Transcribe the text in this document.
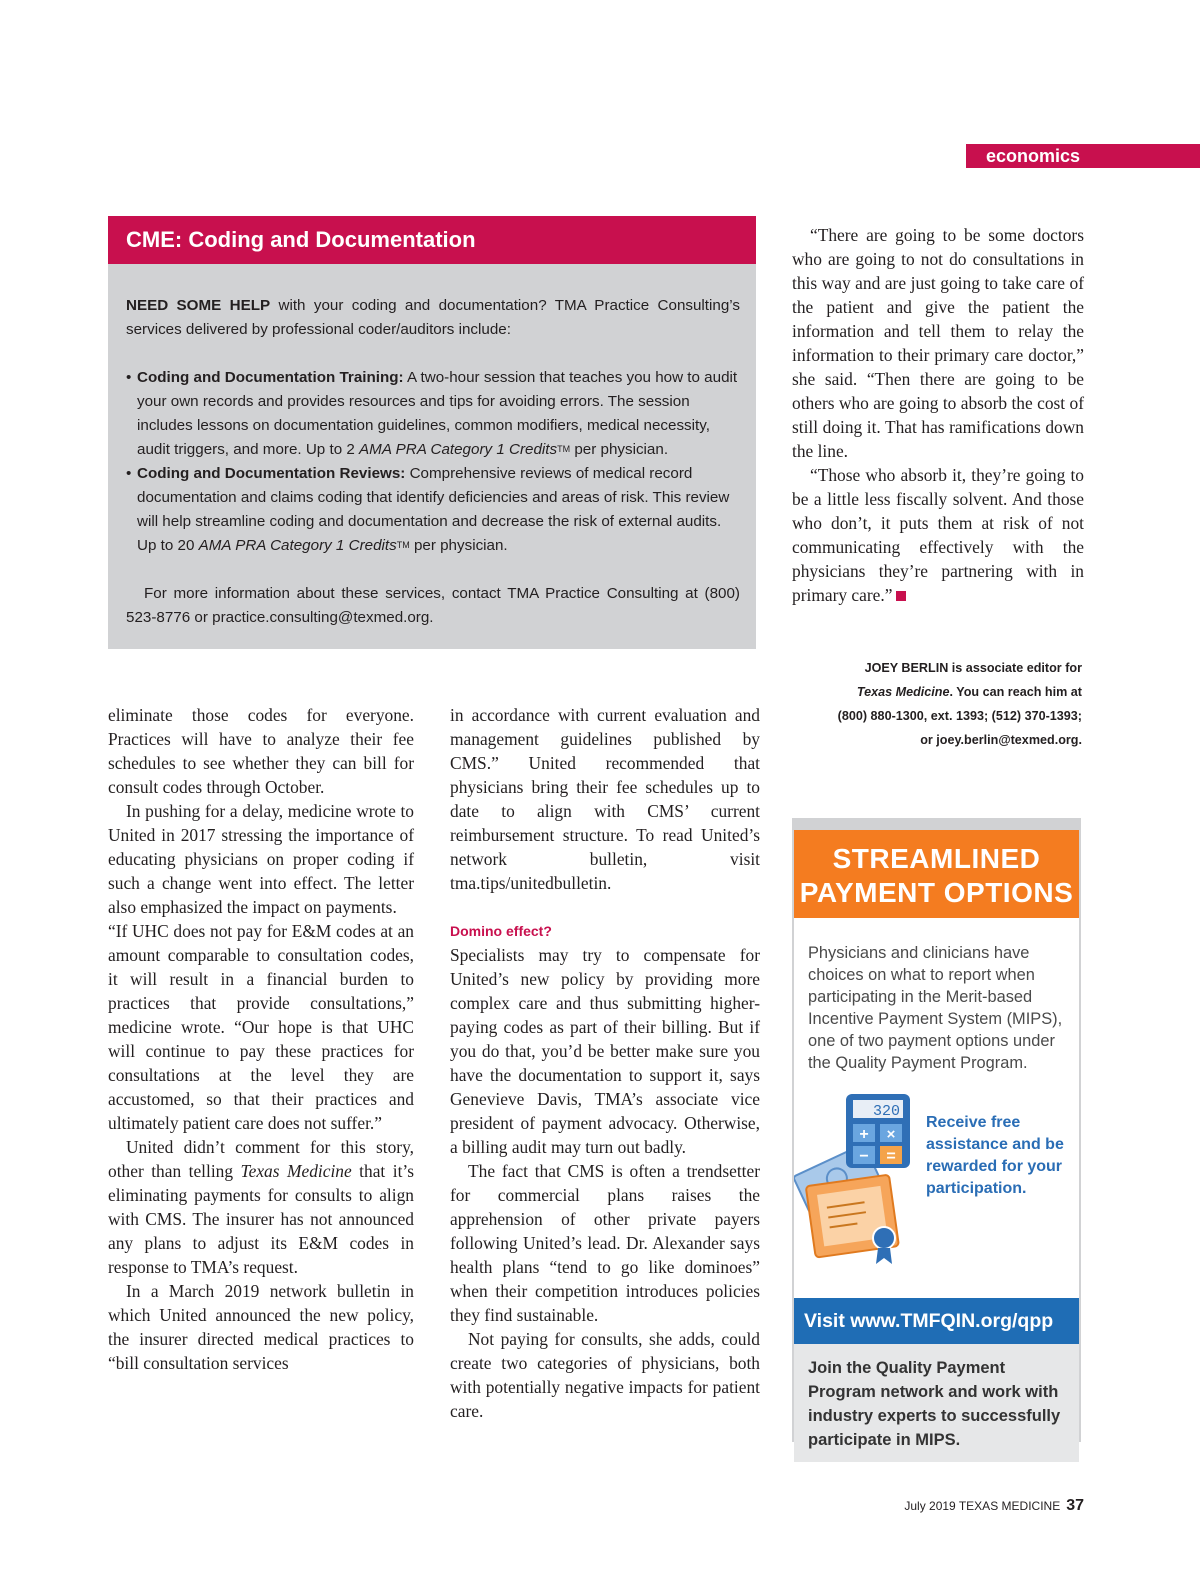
economics
CME: Coding and Documentation

NEED SOME HELP with your coding and documentation? TMA Practice Consulting’s services delivered by professional coder/auditors include:

• Coding and Documentation Training: A two-hour session that teaches you how to audit your own records and provides resources and tips for avoiding errors. The session includes lessons on documentation guidelines, common modifiers, medical necessity, audit triggers, and more. Up to 2 AMA PRA Category 1 Credits™ per physician.
• Coding and Documentation Reviews: Comprehensive reviews of medical record documentation and claims coding that identify deficiencies and areas of risk. This review will help streamline coding and documentation and decrease the risk of external audits. Up to 20 AMA PRA Category 1 Credits™ per physician.

For more information about these services, contact TMA Practice Consulting at (800) 523-8776 or practice.consulting@texmed.org.

“There are going to be some doctors who are going to not do consultations in this way and are just going to take care of the patient and give the patient the information and tell them to relay the information to their primary care doctor,” she said. “Then there are going to be others who are going to absorb the cost of still doing it. That has ramifications down the line.

“Those who absorb it, they’re going to be a little less fiscally solvent. And those who don’t, it puts them at risk of not communicating effectively with the physicians they’re partnering with in primary care.”

JOEY BERLIN is associate editor for
Texas Medicine. You can reach him at
(800) 880-1300, ext. 1393; (512) 370-1393;
or joey.berlin@texmed.org.

eliminate those codes for everyone. Practices will have to analyze their fee schedules to see whether they can bill for consult codes through October.

In pushing for a delay, medicine wrote to United in 2017 stressing the importance of educating physicians on proper coding if such a change went into effect. The letter also emphasized the impact on payments.

“If UHC does not pay for E&M codes at an amount comparable to consultation codes, it will result in a financial burden to practices that provide consultations,” medicine wrote. “Our hope is that UHC will continue to pay these practices for consultations at the level they are accustomed, so that their practices and ultimately patient care does not suffer.”

United didn’t comment for this story, other than telling Texas Medicine that it’s eliminating payments for consults to align with CMS. The insurer has not announced any plans to adjust its E&M codes in response to TMA’s request.

In a March 2019 network bulletin in which United announced the new policy, the insurer directed medical practices to “bill consultation services

in accordance with current evaluation and management guidelines published by CMS.” United recommended that physicians bring their fee schedules up to date to align with CMS’ current reimbursement structure. To read United’s network bulletin, visit tma.tips/unitedbulletin.

Domino effect?

Specialists may try to compensate for United’s new policy by providing more complex care and thus submitting higher-paying codes as part of their billing. But if you do that, you’d be better make sure you have the documentation to support it, says Genevieve Davis, TMA’s associate vice president of payment advocacy. Otherwise, a billing audit may turn out badly.

The fact that CMS is often a trendsetter for commercial plans raises the apprehension of other private payers following United’s lead. Dr. Alexander says health plans “tend to go like dominoes” when their competition introduces policies they find sustainable.

Not paying for consults, she adds, could create two categories of physicians, both with potentially negative impacts for patient care.

STREAMLINED
PAYMENT OPTIONS
Physicians and clinicians have choices on what to report when participating in the Merit-based Incentive Payment System (MIPS), one of two payment options under the Quality Payment Program.
320
+ ×
− =
Receive free assistance and be rewarded for your participation.
Visit www.TMFQIN.org/qpp
Join the Quality Payment Program network and work with industry experts to successfully participate in MIPS.
July 2019 TEXAS MEDICINE 37
